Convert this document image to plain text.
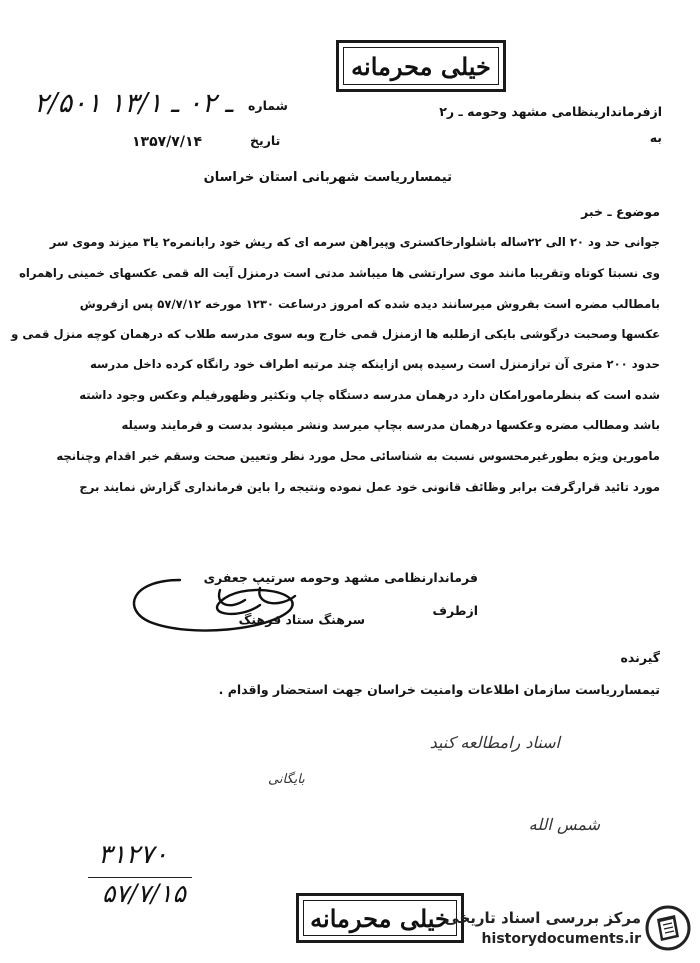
خیلی محرمانه
۲/۵۰۱ ـ ۰۲ ـ ۱۳/۱	ازفرماندارینظامی مشهد وحومه ـ ر۲
شماره
به
تاریخ
۱۳۵۷/۷/۱۴
تیمساررياست شهربانی استان خراسان
موضوع ـ خبر
جوانی حد ود ۲۰ الی ۲۲ساله باشلوارخاکستری وپیراهن سرمه ای که ریش خود رابانمره۲ یا۳ میزند وموی سر
وی نسبتا کوتاه وتقریبا مانند موی سرارتشی ها میباشد مدتی است درمنزل آیت اله قمی عکسهای خمینی راهمراه
بامطالب مضره است بفروش میرسانند دیده شده که امروز درساعت ۱۲۳۰ مورخه ۵۷/۷/۱۲ پس ازفروش
عکسها وصحبت درگوشی بایکی ازطلبه ها ازمنزل قمی خارج وبه سوی مدرسه طلاب که درهمان کوچه منزل قمی و
حدود ۲۰۰ متری آن ترازمنزل است رسیده پس ازاینکه چند مرتبه اطراف خود رانگاه کرده داخل مدرسه
شده است که بنظرمامورامکان دارد درهمان مدرسه دستگاه چاپ وتکثیر وظهورفیلم وعکس وجود داشته
باشد ومطالب مضره وعکسها درهمان مدرسه بچاپ میرسد ونشر میشود بدست و فرمایند وسیله
مامورین ویژه بطورغیرمحسوس نسبت به شناسائی محل مورد نظر وتعیین صحت وسقم خبر اقدام وچنانچه
مورد تائید قرارگرفت برابر وظائف قانونی خود عمل نموده ونتیجه را باین فرمانداری گزارش نمایند برج
فرماندارنظامی مشهد وحومه سرتیپ جعفری
ازطرف
سرهنگ ستاد فرهنگ
گیرنده
تیمساررياست سازمان اطلاعات وامنیت خراسان جهت استحضار واقدام .
اسناد رامطالعه کنید
بایگانی
شمس الله
۳۱۲۷۰
۵۷/۷/۱۵
خیلی محرمانه
مرکز بررسی اسناد تاریخی
historydocuments.ir
